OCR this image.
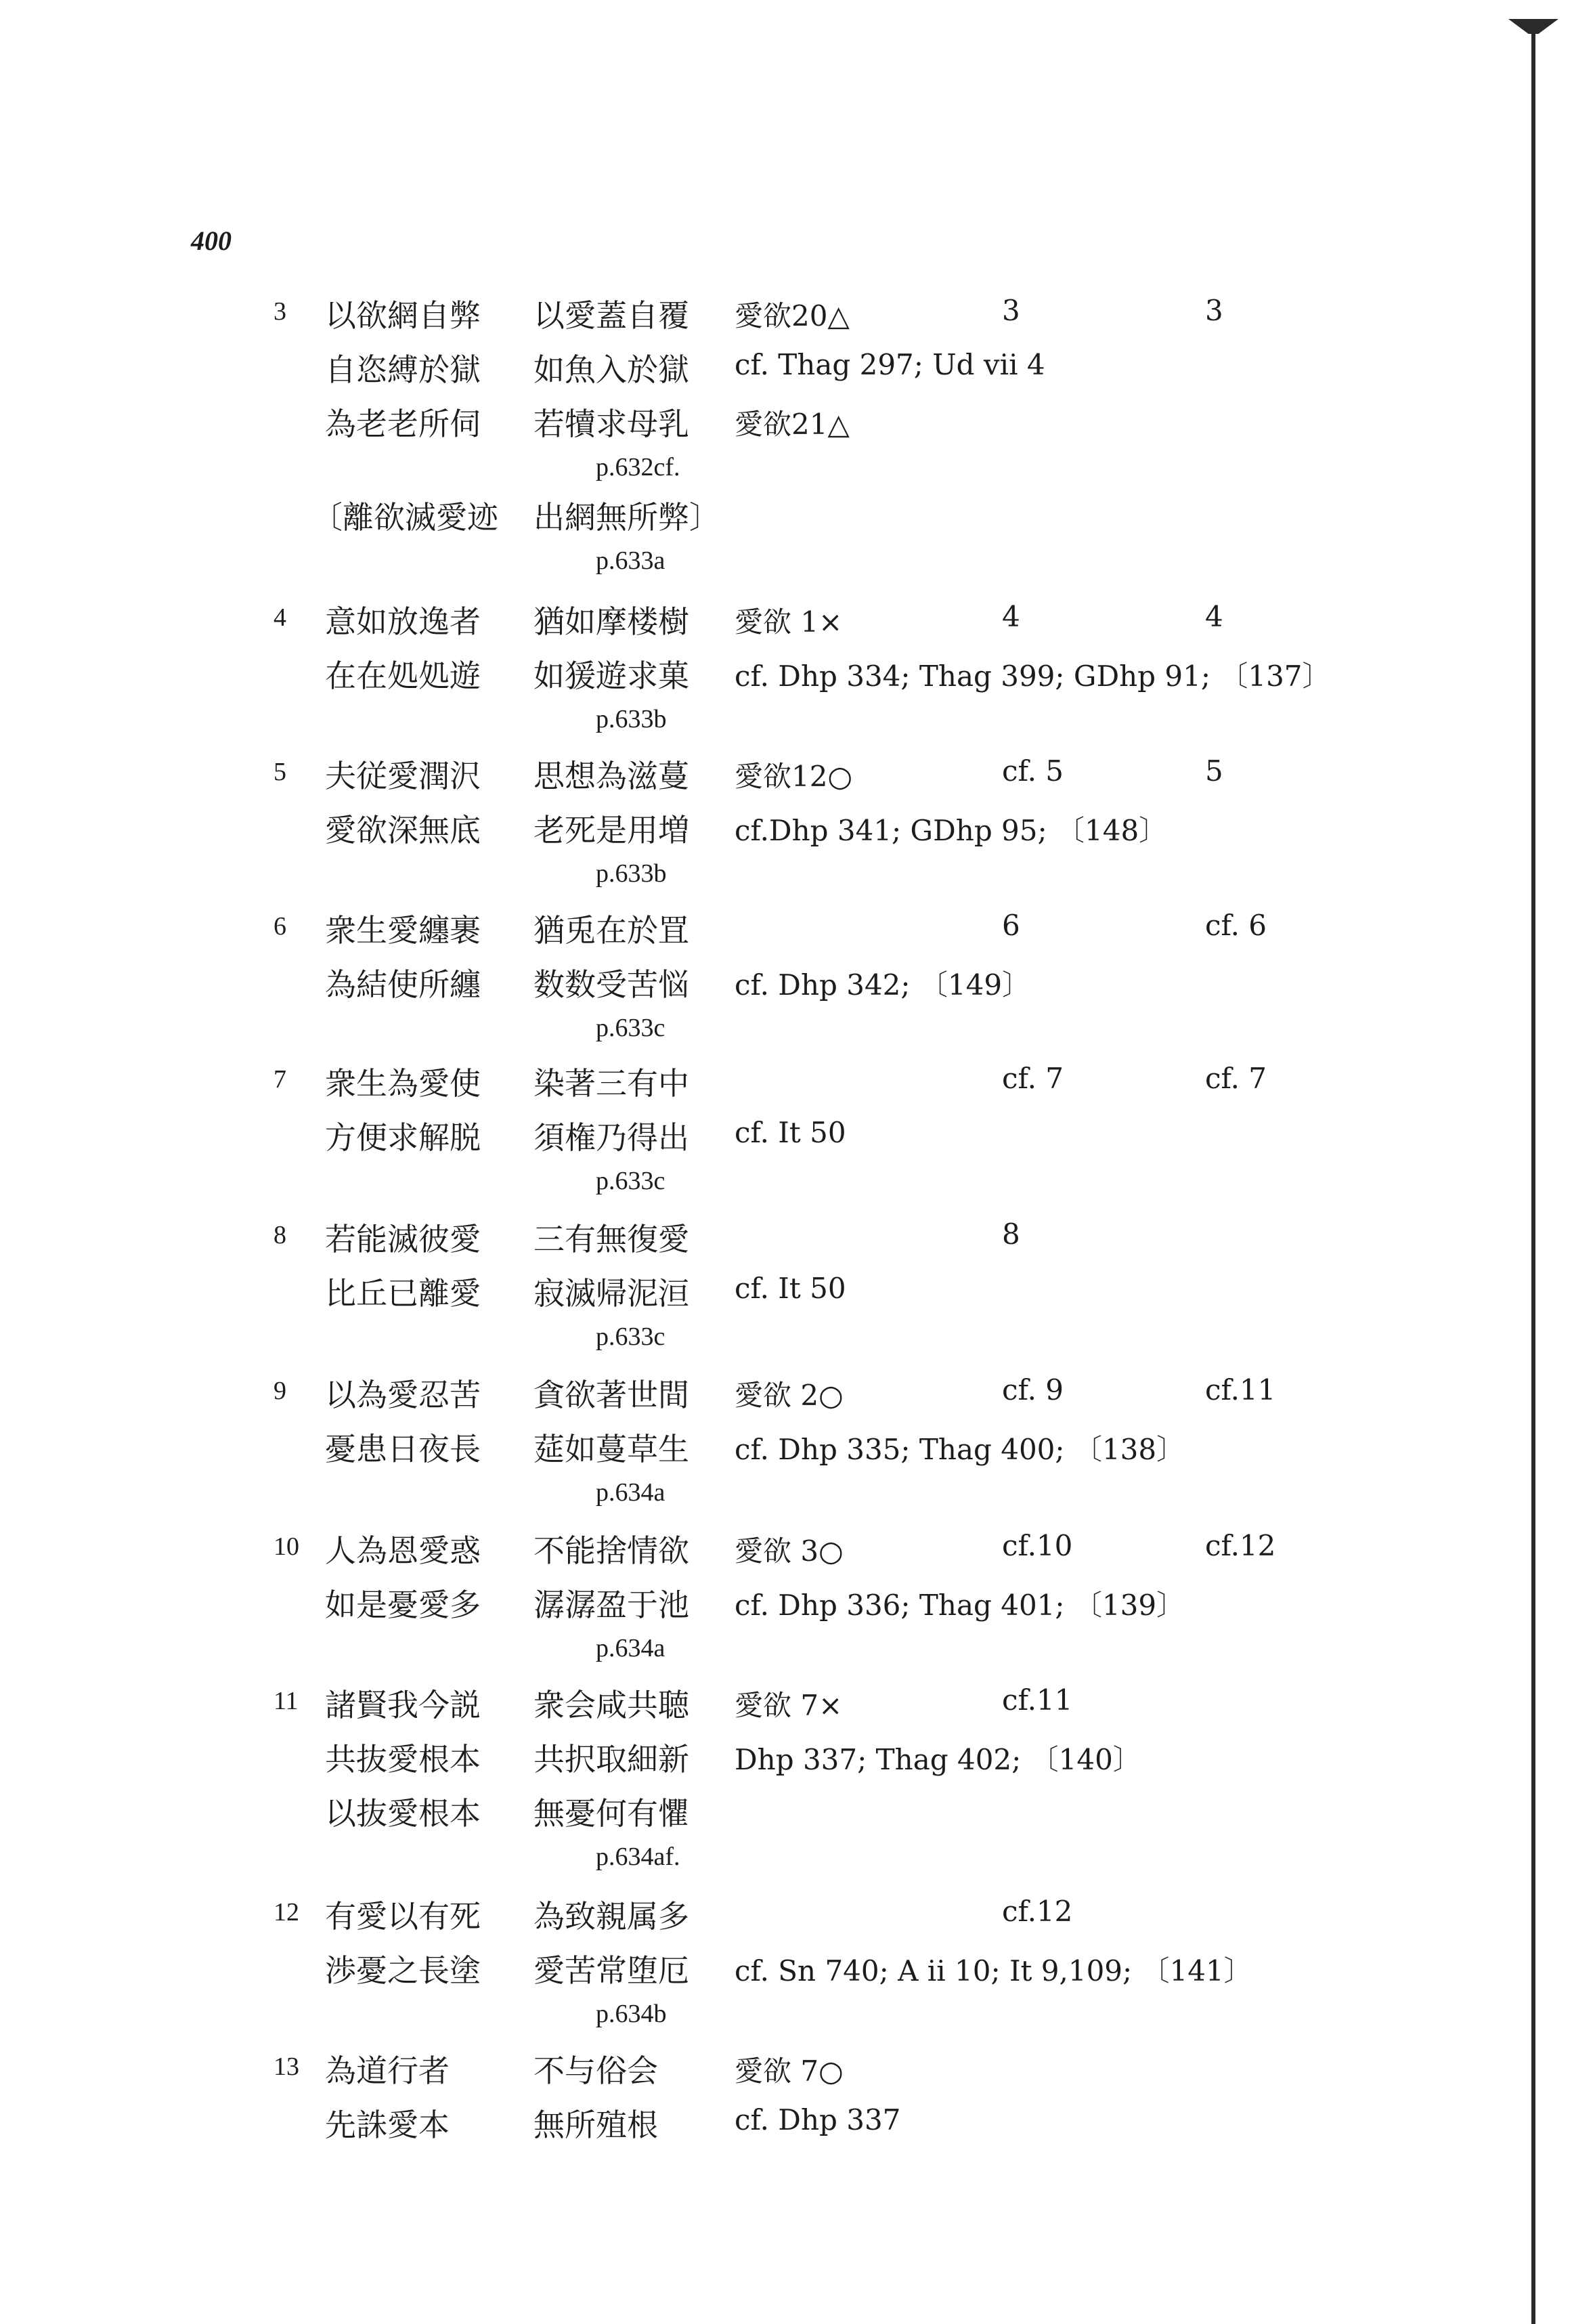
400
3	以欲網自弊 以愛蓋自覆 愛欲20△	3	3
自恣縛於獄 如魚入於獄 cf. Thag 297; Ud vii 4
為老老所伺 若犢求母乳 愛欲21△
p.632cf.
〔離欲滅愛迹 出網無所弊〕
p.633a
4	意如放逸者 猶如摩楼樹 愛欲 1×	4	4
在在処処遊 如猨遊求菓 cf. Dhp 334; Thag 399; GDhp 91; 〔137〕
p.633b
5	夫従愛潤沢 思想為滋蔓 愛欲12○	cf. 5	5
愛欲深無底 老死是用増 cf.Dhp 341; GDhp 95; 〔148〕
p.633b
6	衆生愛纏裹 猶兎在於罝	6	cf. 6
為結使所纏 数数受苦悩 cf. Dhp 342; 〔149〕
p.633c
7	衆生為愛使 染著三有中	cf. 7	cf. 7
方便求解脱 須権乃得出 cf. It 50
p.633c
8	若能滅彼愛 三有無復愛	8
比丘已離愛 寂滅帰泥洹 cf. It 50
p.633c
9	以為愛忍苦 貪欲著世間 愛欲 2○	cf. 9	cf.11
憂患日夜長 莚如蔓草生 cf. Dhp 335; Thag 400; 〔138〕
p.634a
10 人為恩愛惑 不能捨情欲 愛欲 3○	cf.10	cf.12
如是憂愛多 潺潺盈于池 cf. Dhp 336; Thag 401; 〔139〕
p.634a
11 諸賢我今説 衆会咸共聴 愛欲 7×	cf.11
共抜愛根本 共択取細新 Dhp 337; Thag 402; 〔140〕
以抜愛根本 無憂何有懼
p.634af.
12 有愛以有死 為致親属多	cf.12
渉憂之長塗 愛苦常堕厄 cf. Sn 740; A ii 10; It 9,109; 〔141〕
p.634b
13 為道行者	不与俗会	愛欲 7○
先誅愛本	無所殖根	cf. Dhp 337
